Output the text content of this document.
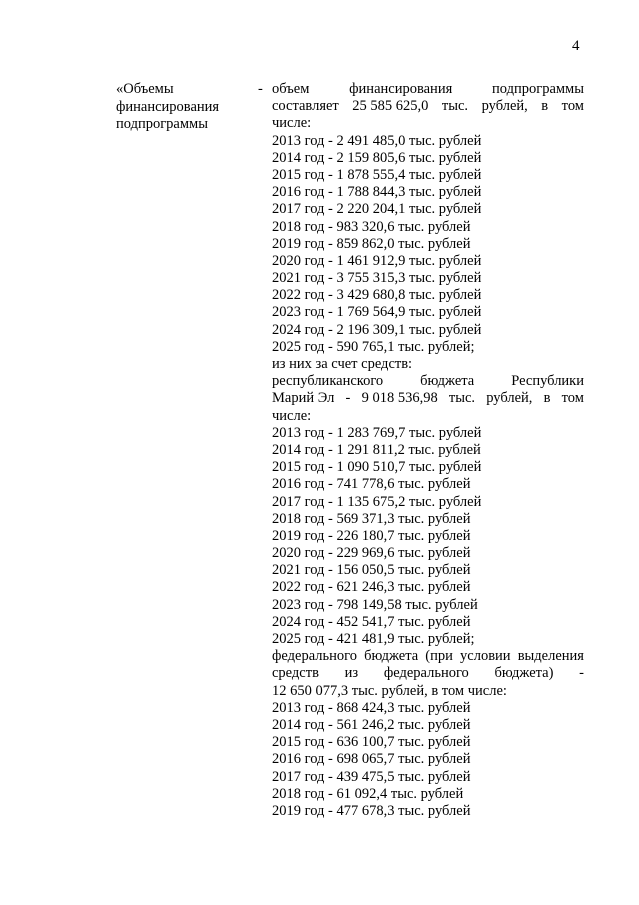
4
«Объемы
финансирования
подпрограммы
- объем	финансирования	подпрограммы
составляет 25 585 625,0 тыс. рублей, в том
числе:
2013 год - 2 491 485,0 тыс. рублей
2014 год - 2 159 805,6 тыс. рублей
2015 год - 1 878 555,4 тыс. рублей
2016 год - 1 788 844,3 тыс. рублей
2017 год - 2 220 204,1 тыс. рублей
2018 год - 983 320,6 тыс. рублей
2019 год - 859 862,0 тыс. рублей
2020 год - 1 461 912,9 тыс. рублей
2021 год - 3 755 315,3 тыс. рублей
2022 год - 3 429 680,8 тыс. рублей
2023 год - 1 769 564,9 тыс. рублей
2024 год - 2 196 309,1 тыс. рублей
2025 год - 590 765,1 тыс. рублей;
из них за счет средств:
республиканского	бюджета	Республики
Марий Эл - 9 018 536,98 тыс. рублей, в том
числе:
2013 год - 1 283 769,7 тыс. рублей
2014 год - 1 291 811,2 тыс. рублей
2015 год - 1 090 510,7 тыс. рублей
2016 год - 741 778,6 тыс. рублей
2017 год - 1 135 675,2 тыс. рублей
2018 год - 569 371,3 тыс. рублей
2019 год - 226 180,7 тыс. рублей
2020 год - 229 969,6 тыс. рублей
2021 год - 156 050,5 тыс. рублей
2022 год - 621 246,3 тыс. рублей
2023 год - 798 149,58 тыс. рублей
2024 год - 452 541,7 тыс. рублей
2025 год - 421 481,9 тыс. рублей;
федерального бюджета (при условии выделения
средств из федерального бюджета) -
12 650 077,3 тыс. рублей, в том числе:
2013 год - 868 424,3 тыс. рублей
2014 год - 561 246,2 тыс. рублей
2015 год - 636 100,7 тыс. рублей
2016 год - 698 065,7 тыс. рублей
2017 год - 439 475,5 тыс. рублей
2018 год - 61 092,4 тыс. рублей
2019 год - 477 678,3 тыс. рублей
